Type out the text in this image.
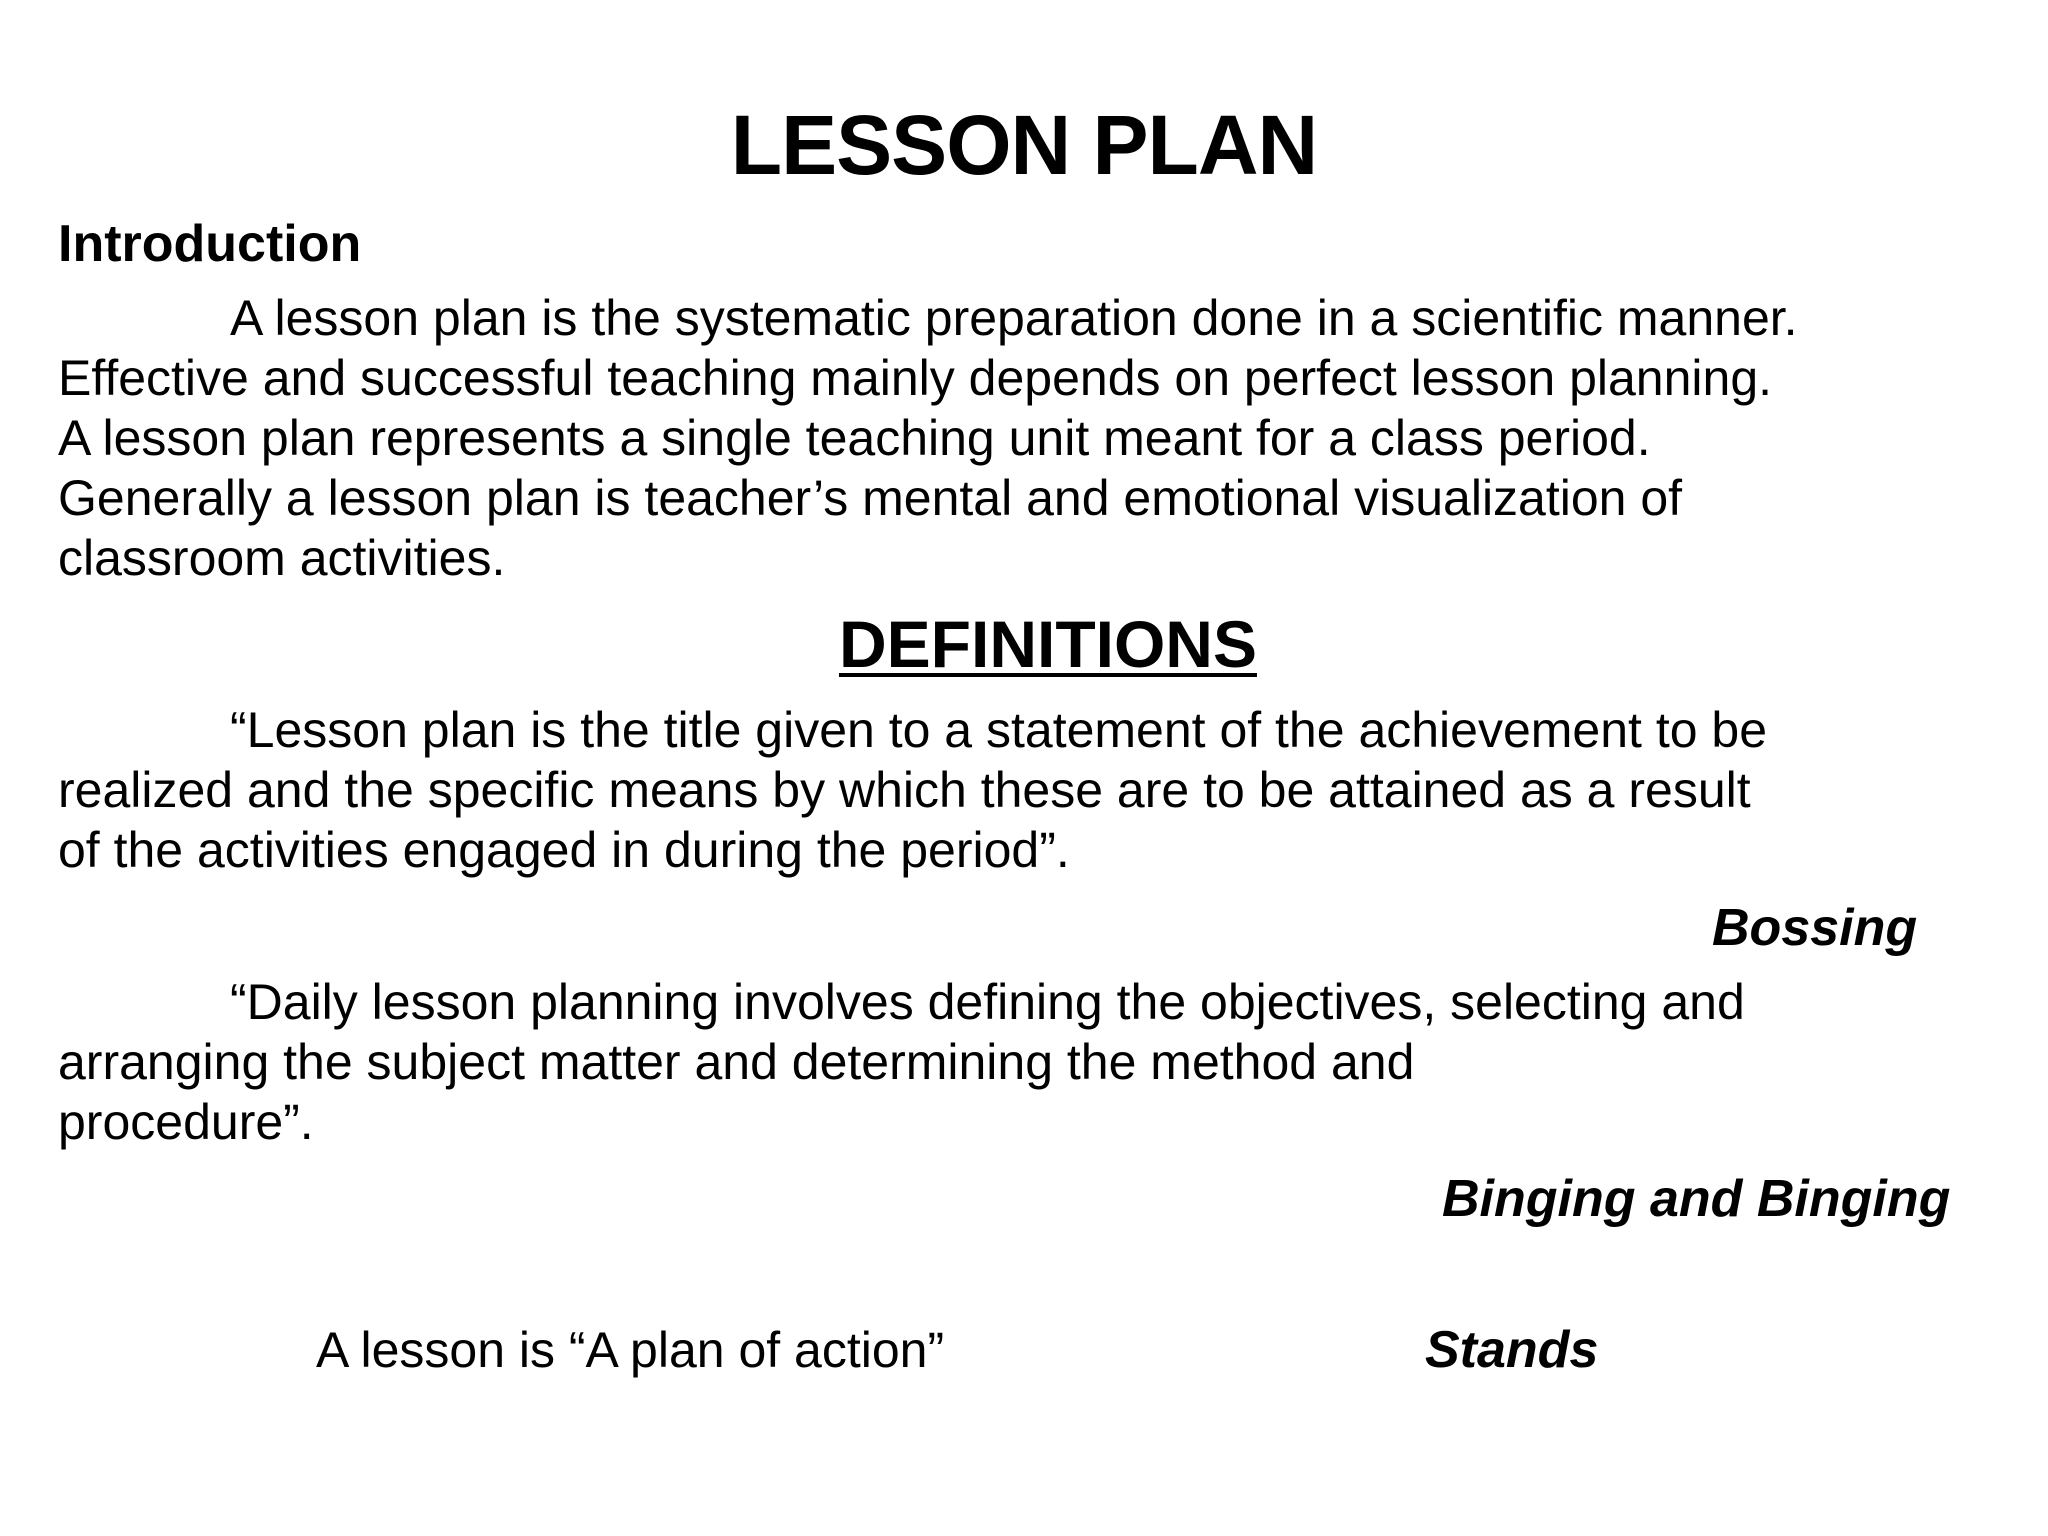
LESSON PLAN
Introduction
A lesson plan is the systematic preparation done in a scientific manner.
Effective and successful teaching mainly depends on perfect lesson planning.
A lesson plan represents a single teaching unit meant for a class period.
Generally a lesson plan is teacher’s mental and emotional visualization of
classroom activities.
DEFINITIONS
“Lesson plan is the title given to a statement of the achievement to be
realized and the specific means by which these are to be attained as a result
of the activities engaged in during the period”.
Bossing
“Daily lesson planning involves defining the objectives, selecting and
arranging the subject matter and determining the method and
procedure”.
Binging and Binging
A lesson is “A plan of action”	Stands
